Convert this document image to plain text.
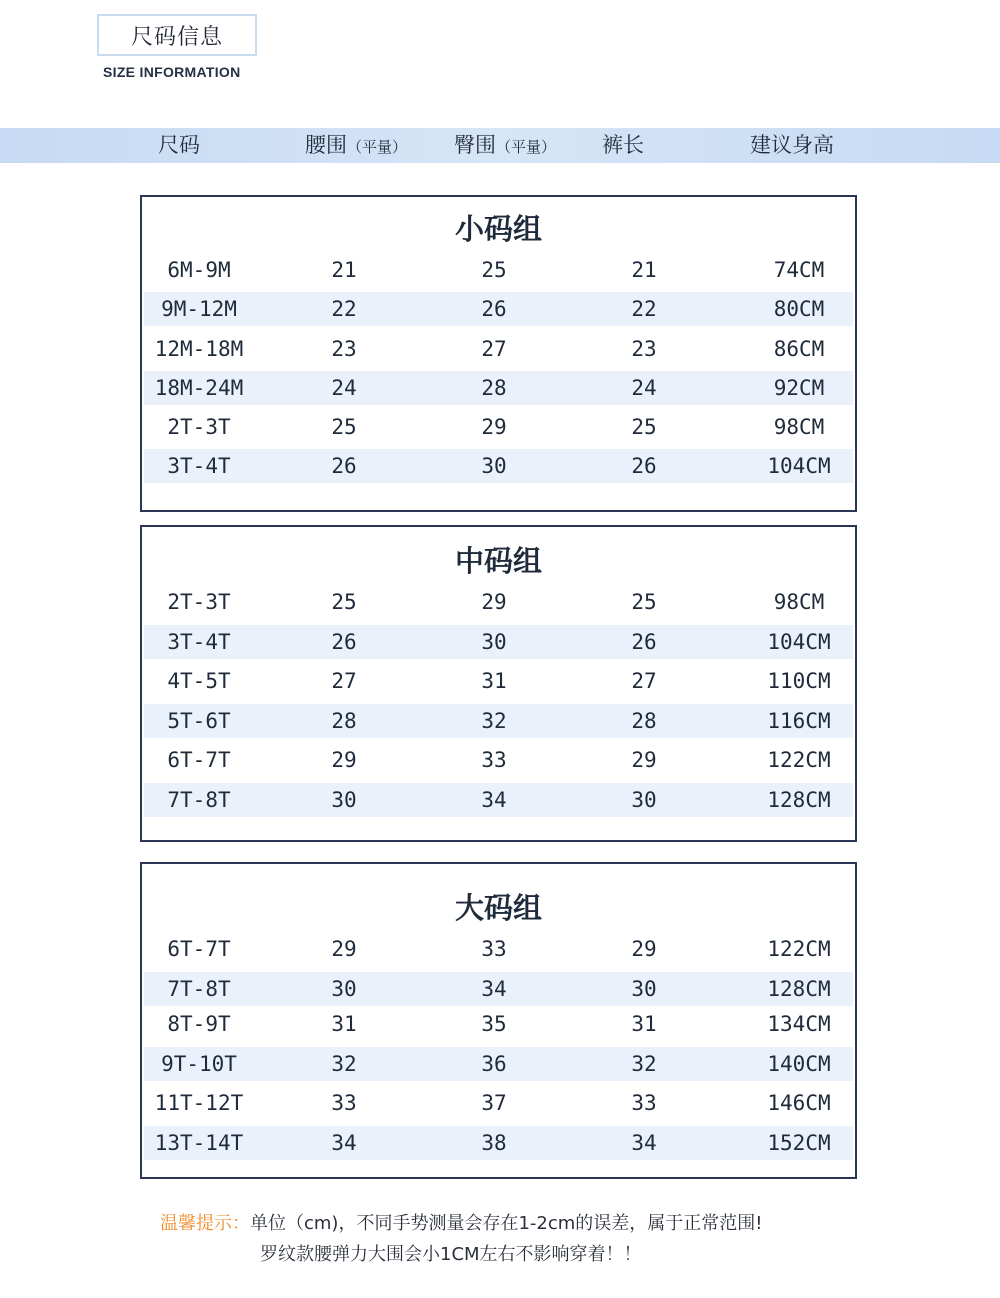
尺码信息
SIZE INFORMATION
尺码	腰围（平量） 臀围（平量） 裤长	建议身高
小码组
6M-9M	21	25	21	74CM
9M-12M	22	26	22	80CM
12M-18M	23	27	23	86CM
18M-24M	24	28	24	92CM
2T-3T	25	29	25	98CM
3T-4T	26	30	26	104CM
中码组
2T-3T	25	29	25	98CM
3T-4T	26	30	26	104CM
4T-5T	27	31	27	110CM
5T-6T	28	32	28	116CM
6T-7T	29	33	29	122CM
7T-8T	30	34	30	128CM
大码组
6T-7T	29	33	29	122CM
7T-8T	30	34	30	128CM
8T-9T	31	35	31	134CM
9T-10T	32	36	32	140CM
11T-12T	33	37	33	146CM
13T-14T	34	38	34	152CM
温馨提示：单位（cm)，不同手势测量会存在1-2cm的误差，属于正常范围!
罗纹款腰弹力大围会小1CM左右不影响穿着！！
